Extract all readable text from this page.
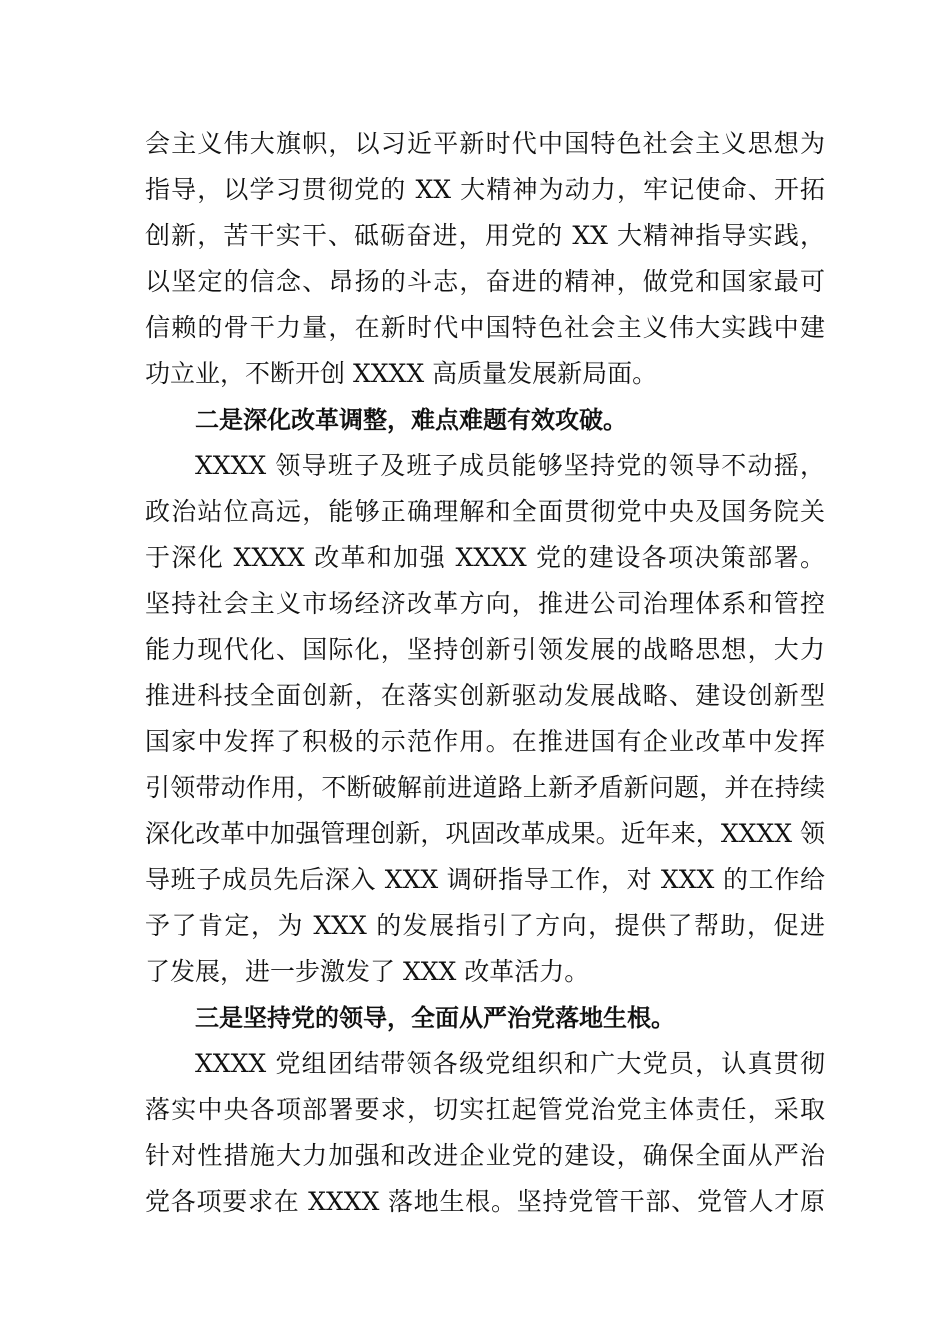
会主义伟大旗帜，以习近平新时代中国特色社会主义思想为
指导，以学习贯彻党的 XX 大精神为动力，牢记使命、开拓
创新，苦干实干、砥砺奋进，用党的 XX 大精神指导实践，
以坚定的信念、昂扬的斗志，奋进的精神，做党和国家最可
信赖的骨干力量，在新时代中国特色社会主义伟大实践中建
功立业，不断开创 XXXX 高质量发展新局面。
二是深化改革调整，难点难题有效攻破。
XXXX 领导班子及班子成员能够坚持党的领导不动摇，
政治站位高远，能够正确理解和全面贯彻党中央及国务院关
于深化 XXXX 改革和加强 XXXX 党的建设各项决策部署。
坚持社会主义市场经济改革方向，推进公司治理体系和管控
能力现代化、国际化，坚持创新引领发展的战略思想，大力
推进科技全面创新，在落实创新驱动发展战略、建设创新型
国家中发挥了积极的示范作用。在推进国有企业改革中发挥
引领带动作用，不断破解前进道路上新矛盾新问题，并在持续
深化改革中加强管理创新，巩固改革成果。近年来，XXXX 领
导班子成员先后深入 XXX 调研指导工作，对 XXX 的工作给
予了肯定，为 XXX 的发展指引了方向，提供了帮助，促进
了发展，进一步激发了 XXX 改革活力。
三是坚持党的领导，全面从严治党落地生根。
XXXX 党组团结带领各级党组织和广大党员，认真贯彻
落实中央各项部署要求，切实扛起管党治党主体责任，采取
针对性措施大力加强和改进企业党的建设，确保全面从严治
党各项要求在 XXXX 落地生根。坚持党管干部、党管人才原
